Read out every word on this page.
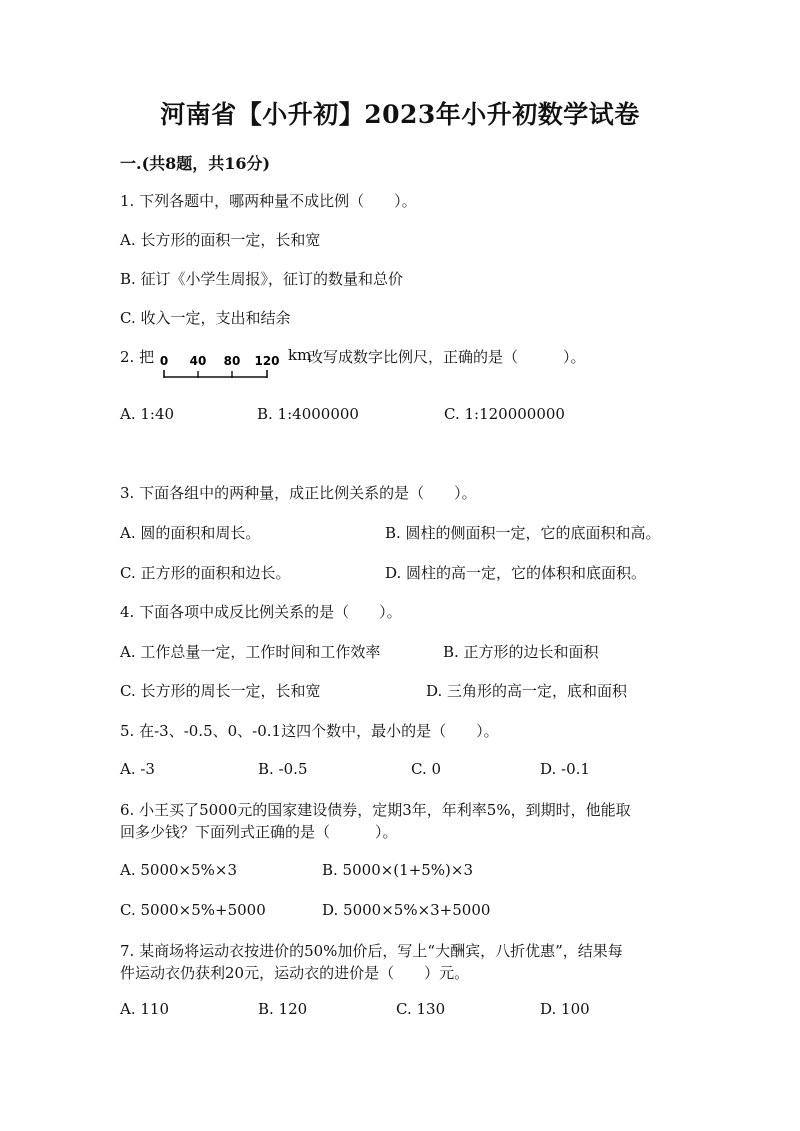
河南省【小升初】2023年小升初数学试卷
一.(共8题，共16分)
1. 下列各题中，哪两种量不成比例（　　）。
A. 长方形的面积一定，长和宽
B. 征订《小学生周报》，征订的数量和总价
C. 收入一定，支出和结余
2. 把 0 40 80 120 km
改写成数字比例尺，正确的是（　　　）。
A. 1:40	B. 1:4000000	C. 1:120000000
3. 下面各组中的两种量，成正比例关系的是（　　）。
A. 圆的面积和周长。	B. 圆柱的侧面积一定，它的底面积和高。
C. 正方形的面积和边长。	D. 圆柱的高一定，它的体积和底面积。
4. 下面各项中成反比例关系的是（　　）。
A. 工作总量一定，工作时间和工作效率	B. 正方形的边长和面积
C. 长方形的周长一定，长和宽	D. 三角形的高一定，底和面积
5. 在-3、-0.5、0、-0.1这四个数中，最小的是（　　）。
A. -3	B. -0.5	C. 0	D. -0.1
6. 小王买了5000元的国家建设债券，定期3年，年利率5%，到期时，他能取
回多少钱？下面列式正确的是（　　　）。
A. 5000×5%×3	B. 5000×(1+5%)×3
C. 5000×5%+5000	D. 5000×5%×3+5000
7. 某商场将运动衣按进价的50%加价后，写上“大酬宾，八折优惠”，结果每
件运动衣仍获利20元，运动衣的进价是（　　）元。
A. 110	B. 120	C. 130	D. 100
